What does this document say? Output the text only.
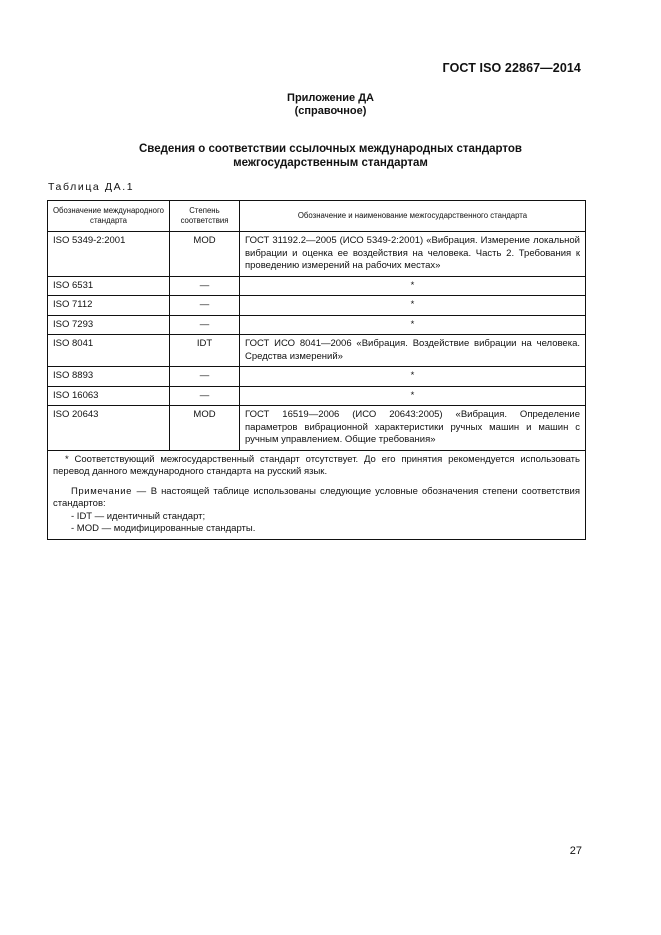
ГОСТ ISO 22867—2014
Приложение ДА
(справочное)
Сведения о соответствии ссылочных международных стандартов
межгосударственным стандартам
Таблица ДА.1
Обозначение международного стандарта	Степень соответствия	Обозначение и наименование межгосударственного стандарта
ISO 5349-2:2001	MOD	ГОСТ 31192.2—2005 (ИСО 5349-2:2001) «Вибрация. Измерение локальной вибрации и оценка ее воздействия на человека. Часть 2. Требования к проведению измерений на рабочих местах»
ISO 6531	—	*
ISO 7112	—	*
ISO 7293	—	*
ISO 8041	IDT	ГОСТ ИСО 8041—2006 «Вибрация. Воздействие вибрации на человека. Средства измерений»
ISO 8893	—	*
ISO 16063	—	*
ISO 20643	MOD	ГОСТ 16519—2006 (ИСО 20643:2005) «Вибрация. Определение параметров вибрационной характеристики ручных машин и машин с ручным управлением. Общие требования»

* Соответствующий межгосударственный стандарт отсутствует. До его принятия рекомендуется использовать перевод данного международного стандарта на русский язык.
Примечание — В настоящей таблице использованы следующие условные обозначения степени соответствия стандартов:
- IDT — идентичный стандарт;
- MOD — модифицированные стандарты.		
27
